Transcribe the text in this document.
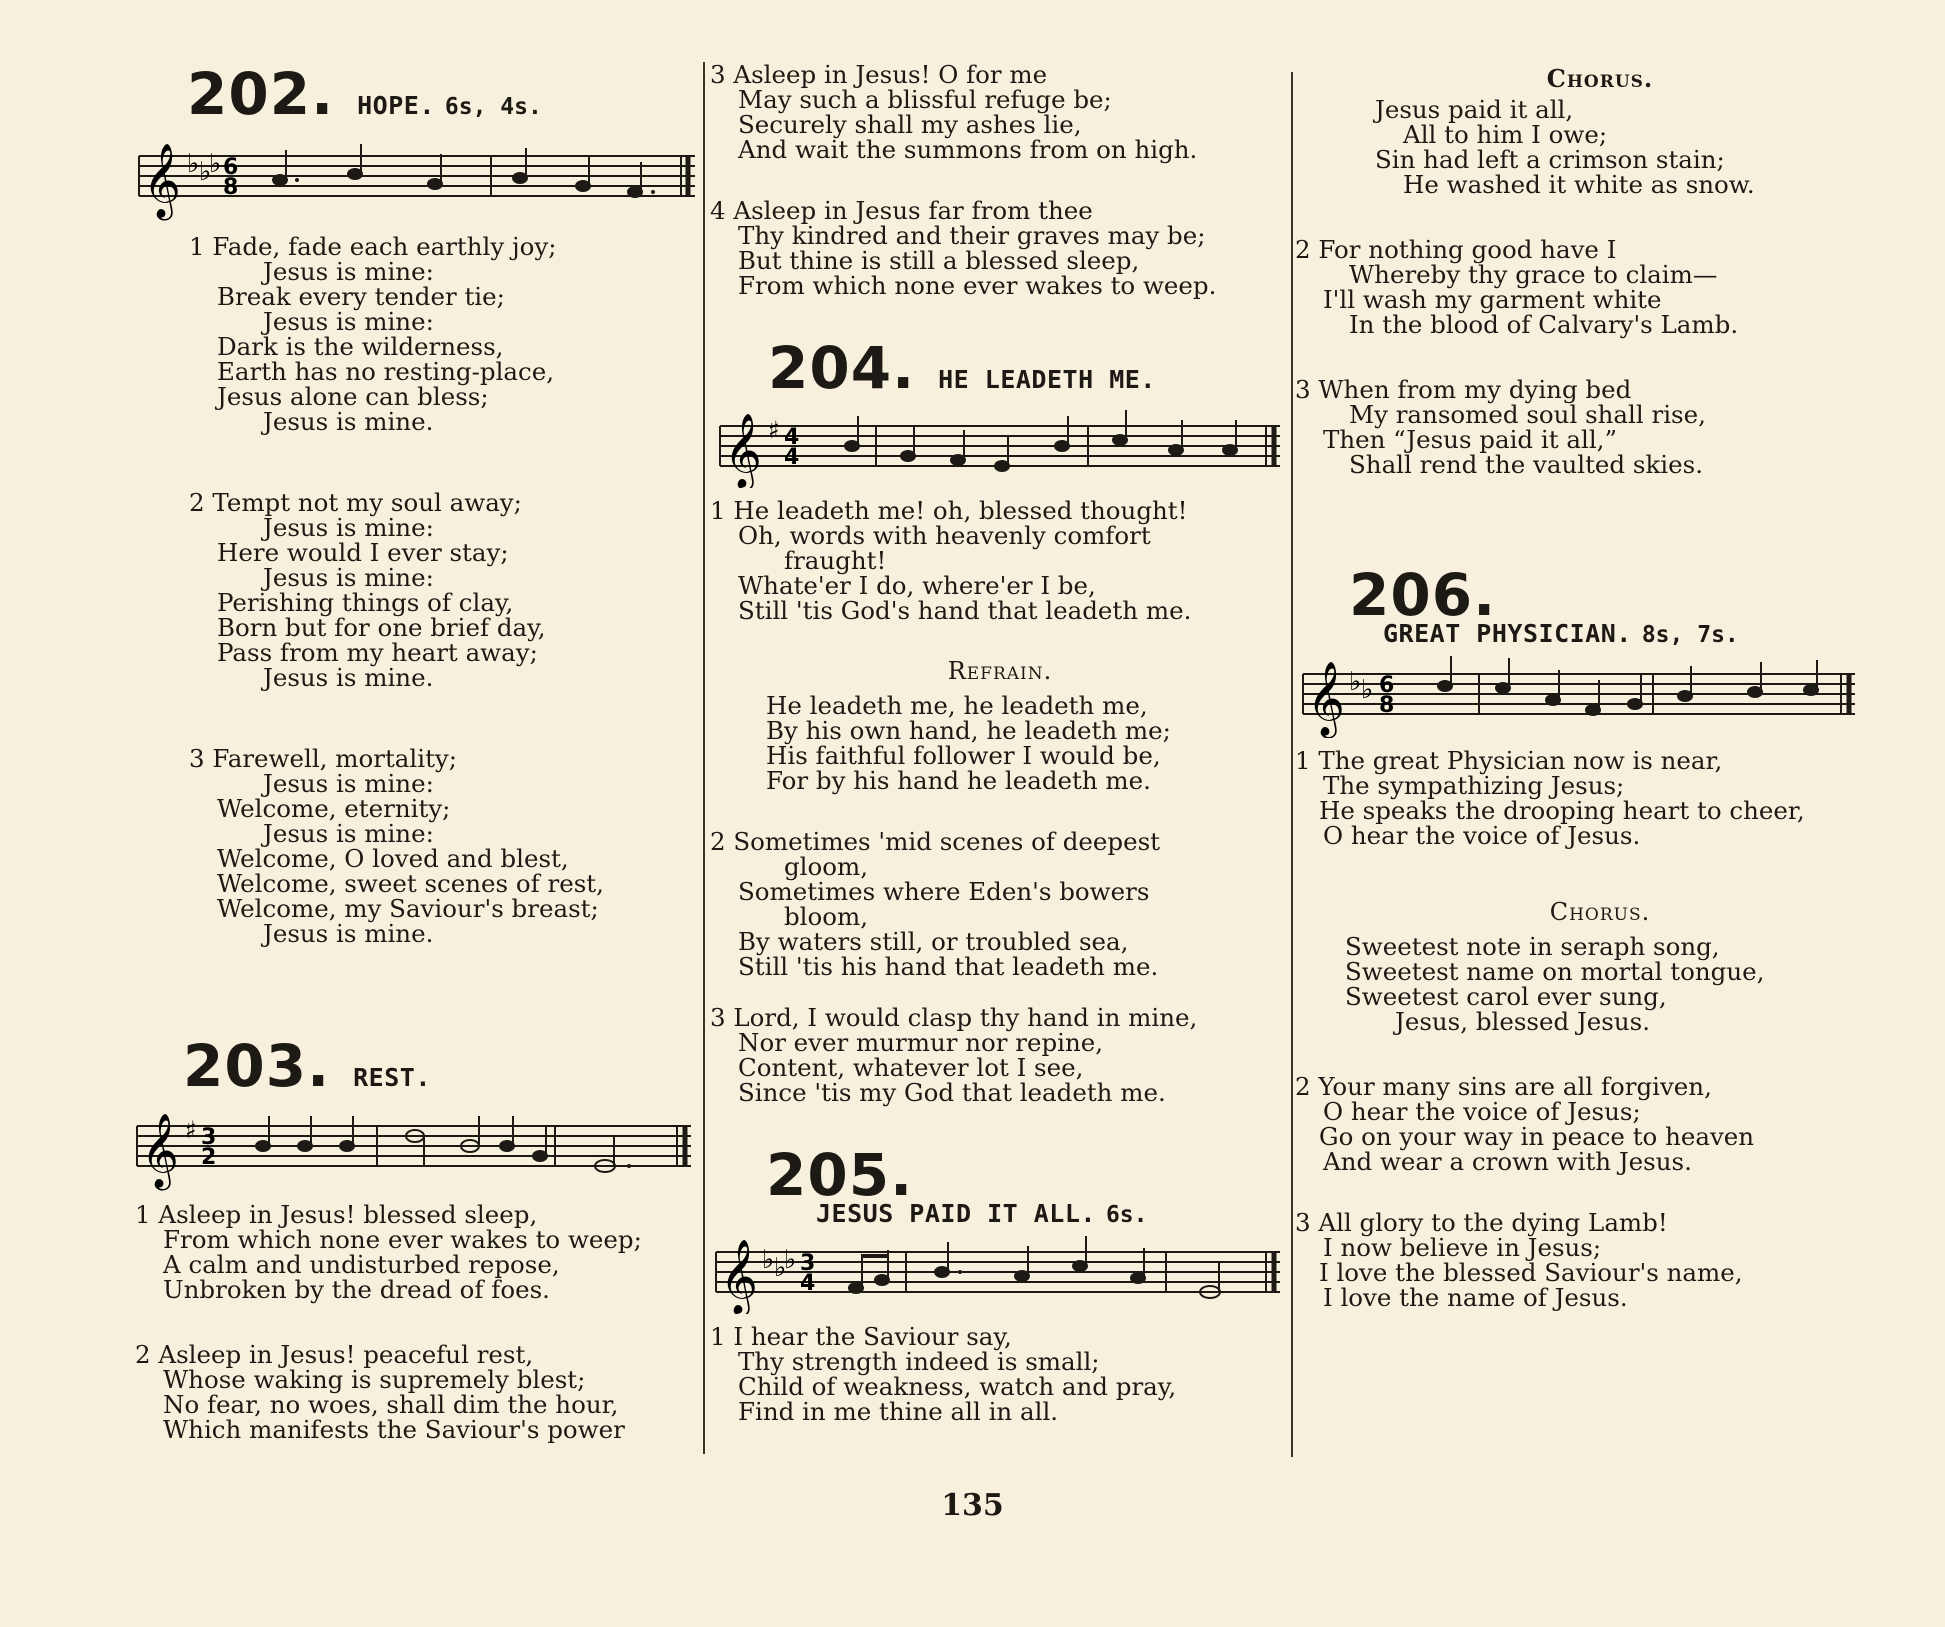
202. HOPE. 6s, 4s.
𝄞 ♭ ♭
♭ 6
8
1 Fade, fade each earthly joy;
Jesus is mine:
Break every tender tie;
Jesus is mine:
Dark is the wilderness,
Earth has no resting-place,
Jesus alone can bless;
Jesus is mine.
2 Tempt not my soul away;
Jesus is mine:
Here would I ever stay;
Jesus is mine:
Perishing things of clay,
Born but for one brief day,
Pass from my heart away;
Jesus is mine.
3 Farewell, mortality;
Jesus is mine:
Welcome, eternity;
Jesus is mine:
Welcome, O loved and blest,
Welcome, sweet scenes of rest,
Welcome, my Saviour's breast;
Jesus is mine.
203. REST.
𝄞 ♯ 3
2
1 Asleep in Jesus! blessed sleep,
From which none ever wakes to weep;
A calm and undisturbed repose,
Unbroken by the dread of foes.
2 Asleep in Jesus! peaceful rest,
Whose waking is supremely blest;
No fear, no woes, shall dim the hour,
Which manifests the Saviour's power
3 Asleep in Jesus! O for me
May such a blissful refuge be;
Securely shall my ashes lie,
And wait the summons from on high.
4 Asleep in Jesus far from thee
Thy kindred and their graves may be;
But thine is still a blessed sleep,
From which none ever wakes to weep.
204. HE LEADETH ME.
𝄞 ♯ 4
4
1 He leadeth me! oh, blessed thought!
Oh, words with heavenly comfort
fraught!
Whate'er I do, where'er I be,
Still 'tis God's hand that leadeth me.
Refrain.
He leadeth me, he leadeth me,
By his own hand, he leadeth me;
His faithful follower I would be,
For by his hand he leadeth me.
2 Sometimes 'mid scenes of deepest
gloom,
Sometimes where Eden's bowers
bloom,
By waters still, or troubled sea,
Still 'tis his hand that leadeth me.
3 Lord, I would clasp thy hand in mine,
Nor ever murmur nor repine,
Content, whatever lot I see,
Since 'tis my God that leadeth me.
205.
JESUS PAID IT ALL. 6s.
𝄞 ♭ ♭
♭ 3
4
1 I hear the Saviour say,
Thy strength indeed is small;
Child of weakness, watch and pray,
Find in me thine all in all.
Chorus.
Jesus paid it all,
All to him I owe;
Sin had left a crimson stain;
He washed it white as snow.
2 For nothing good have I
Whereby thy grace to claim—
I'll wash my garment white
In the blood of Calvary's Lamb.
3 When from my dying bed
My ransomed soul shall rise,
Then “Jesus paid it all,”
Shall rend the vaulted skies.
206.
GREAT PHYSICIAN. 8s, 7s.
𝄞 ♭ ♭ 6
8
1 The great Physician now is near,
The sympathizing Jesus;
He speaks the drooping heart to cheer,
O hear the voice of Jesus.
Chorus.
Sweetest note in seraph song,
Sweetest name on mortal tongue,
Sweetest carol ever sung,
Jesus, blessed Jesus.
2 Your many sins are all forgiven,
O hear the voice of Jesus;
Go on your way in peace to heaven
And wear a crown with Jesus.
3 All glory to the dying Lamb!
I now believe in Jesus;
I love the blessed Saviour's name,
I love the name of Jesus.
135
